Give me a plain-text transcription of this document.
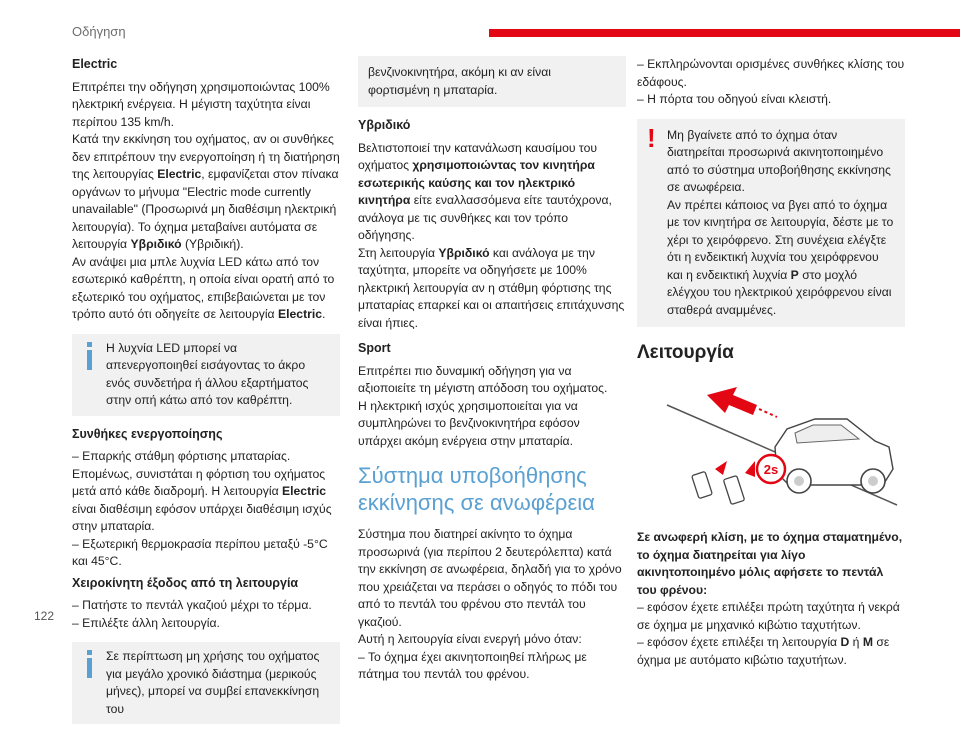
Οδήγηση

Electric

Επιτρέπει την οδήγηση χρησιμοποιώντας 100% ηλεκτρική ενέργεια. Η μέγιστη ταχύτητα είναι περίπου 135 km/h.

Κατά την εκκίνηση του οχήματος, αν οι συνθήκες δεν επιτρέπουν την ενεργοποίηση ή τη διατήρηση της λειτουργίας Electric, εμφανίζεται στον πίνακα οργάνων το μήνυμα "Electric mode currently unavailable" (Προσωρινά μη διαθέσιμη ηλεκτρική λειτουργία). Το όχημα μεταβαίνει αυτόματα σε λειτουργία Υβριδικό (Υβριδική).

Αν ανάψει μια μπλε λυχνία LED κάτω από τον εσωτερικό καθρέπτη, η οποία είναι ορατή από το εξωτερικό του οχήματος, επιβεβαιώνεται με τον τρόπο αυτό ότι οδηγείτε σε λειτουργία Electric.

Η λυχνία LED μπορεί να απενεργοποιηθεί εισάγοντας το άκρο ενός συνδετήρα ή άλλου εξαρτήματος στην οπή κάτω από τον καθρέπτη.

Συνθήκες ενεργοποίησης

– Επαρκής στάθμη φόρτισης μπαταρίας. Επομένως, συνιστάται η φόρτιση του οχήματος μετά από κάθε διαδρομή. Η λειτουργία Electric είναι διαθέσιμη εφόσον υπάρχει διαθέσιμη ισχύς στην μπαταρία.

– Εξωτερική θερμοκρασία περίπου μεταξύ -5°C και 45°C.

Χειροκίνητη έξοδος από τη λειτουργία

– Πατήστε το πεντάλ γκαζιού μέχρι το τέρμα.

– Επιλέξτε άλλη λειτουργία.

Σε περίπτωση μη χρήσης του οχήματος για μεγάλο χρονικό διάστημα (μερικούς μήνες), μπορεί να συμβεί επανεκκίνηση του

βενζινοκινητήρα, ακόμη κι αν είναι φορτισμένη η μπαταρία.

Υβριδικό

Βελτιστοποιεί την κατανάλωση καυσίμου του οχήματος χρησιμοποιώντας τον κινητήρα εσωτερικής καύσης και τον ηλεκτρικό κινητήρα είτε εναλλασσόμενα είτε ταυτόχρονα, ανάλογα με τις συνθήκες και τον τρόπο οδήγησης.

Στη λειτουργία Υβριδικό και ανάλογα με την ταχύτητα, μπορείτε να οδηγήσετε με 100% ηλεκτρική λειτουργία αν η στάθμη φόρτισης της μπαταρίας επαρκεί και οι απαιτήσεις επιτάχυνσης είναι ήπιες.

Sport

Επιτρέπει πιο δυναμική οδήγηση για να αξιοποιείτε τη μέγιστη απόδοση του οχήματος.

Η ηλεκτρική ισχύς χρησιμοποιείται για να συμπληρώνει το βενζινοκινητήρα εφόσον υπάρχει ακόμη ενέργεια στην μπαταρία.

Σύστημα υποβοήθησης εκκίνησης σε ανωφέρεια

Σύστημα που διατηρεί ακίνητο το όχημα προσωρινά (για περίπου 2 δευτερόλεπτα) κατά την εκκίνηση σε ανωφέρεια, δηλαδή για το χρόνο που χρειάζεται να περάσει ο οδηγός το πόδι του από το πεντάλ του φρένου στο πεντάλ του γκαζιού.

Αυτή η λειτουργία είναι ενεργή μόνο όταν:

– Το όχημα έχει ακινητοποιηθεί πλήρως με πάτημα του πεντάλ του φρένου.

– Εκπληρώνονται ορισμένες συνθήκες κλίσης του εδάφους.

– Η πόρτα του οδηγού είναι κλειστή.

! Μη βγαίνετε από το όχημα όταν διατηρείται προσωρινά ακινητοποιημένο από το σύστημα υποβοήθησης εκκίνησης σε ανωφέρεια.

Αν πρέπει κάποιος να βγει από το όχημα με τον κινητήρα σε λειτουργία, δέστε με το χέρι το χειρόφρενο. Στη συνέχεια ελέγξτε ότι η ενδεικτική λυχνία του χειρόφρενου και η ενδεικτική λυχνία P στο μοχλό ελέγχου του ηλεκτρικού χειρόφρενου είναι σταθερά αναμμένες.

Λειτουργία

2s

Σε ανωφερή κλίση, με το όχημα σταματημένο, το όχημα διατηρείται για λίγο ακινητοποιημένο μόλις αφήσετε το πεντάλ του φρένου:

– εφόσον έχετε επιλέξει πρώτη ταχύτητα ή νεκρά σε όχημα με μηχανικό κιβώτιο ταχυτήτων.

– εφόσον έχετε επιλέξει τη λειτουργία D ή M σε όχημα με αυτόματο κιβώτιο ταχυτήτων.

122
